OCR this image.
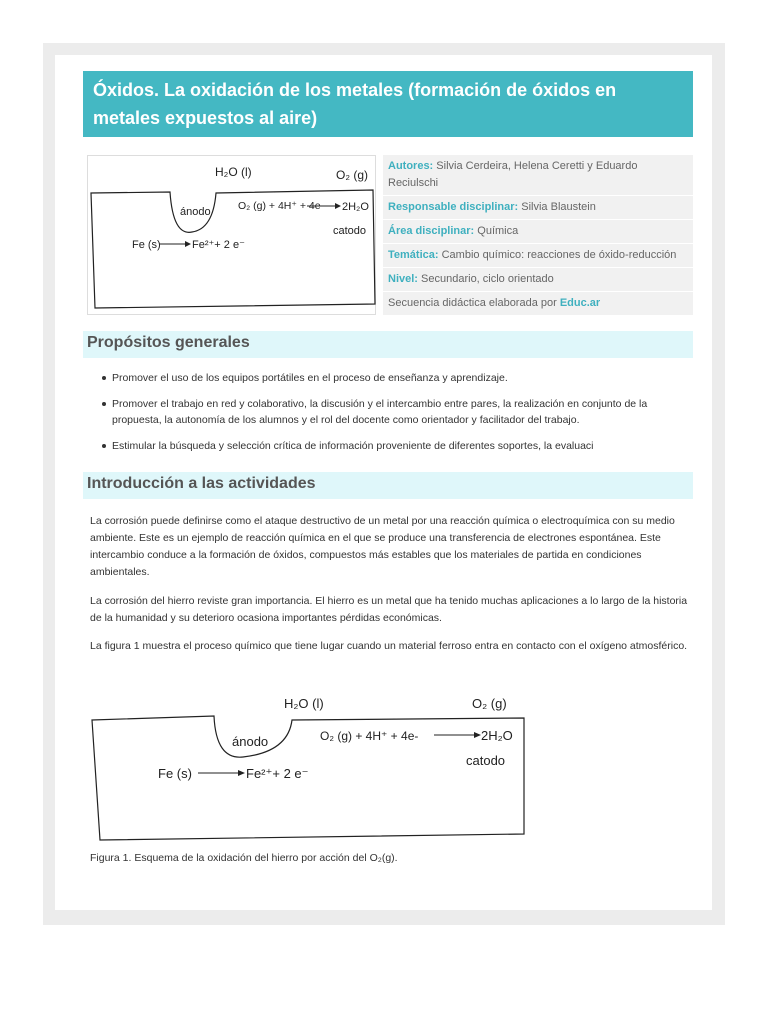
Óxidos. La oxidación de los metales (formación de óxidos en metales expuestos al aire)
H₂O (l)	O₂ (g)
ánodo	O₂ (g) + 4H⁺ + 4e- 2H₂O
catodo
Fe (s)	Fe²⁺+ 2 e⁻
Autores: Silvia Cerdeira, Helena Ceretti y Eduardo Reciulschi
Responsable disciplinar: Silvia Blaustein
Área disciplinar: Química
Temática: Cambio químico: reacciones de óxido-reducción
Nivel: Secundario, ciclo orientado
Secuencia didáctica elaborada por Educ.ar
Propósitos generales
Promover el uso de los equipos portátiles en el proceso de enseñanza y aprendizaje.
Promover el trabajo en red y colaborativo, la discusión y el intercambio entre pares, la realización en conjunto de la propuesta, la autonomía de los alumnos y el rol del docente como orientador y facilitador del trabajo.
Estimular la búsqueda y selección crítica de información proveniente de diferentes soportes, la evaluaci
Introducción a las actividades

La corrosión puede definirse como el ataque destructivo de un metal por una reacción química o electroquímica con su medio ambiente. Este es un ejemplo de reacción química en el que se produce una transferencia de electrones espontánea. Este intercambio conduce a la formación de óxidos, compuestos más estables que los materiales de partida en condiciones ambientales.

La corrosión del hierro reviste gran importancia. El hierro es un metal que ha tenido muchas aplicaciones a lo largo de la historia de la humanidad y su deterioro ocasiona importantes pérdidas económicas.

La figura 1 muestra el proceso químico que tiene lugar cuando un material ferroso entra en contacto con el oxígeno atmosférico.

H₂O (l)	O₂ (g)
ánodo	O₂ (g) + 4H⁺ + 4e-	2H₂O
catodo
Fe (s)	Fe²⁺+ 2 e⁻
Figura 1. Esquema de la oxidación del hierro por acción del O₂(g).
